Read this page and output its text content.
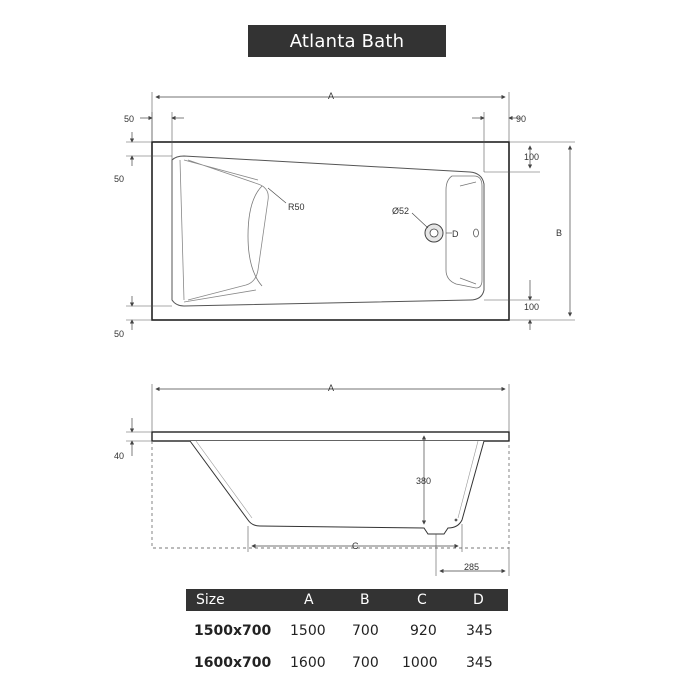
Atlanta Bath
A
50	90
50
50
100
100
B
R50	Ø52
D
A
40
380
C
285
Size	A	B	C	D
1500x700 1500 700 920 345
1600x700 1600 700 1000 345
